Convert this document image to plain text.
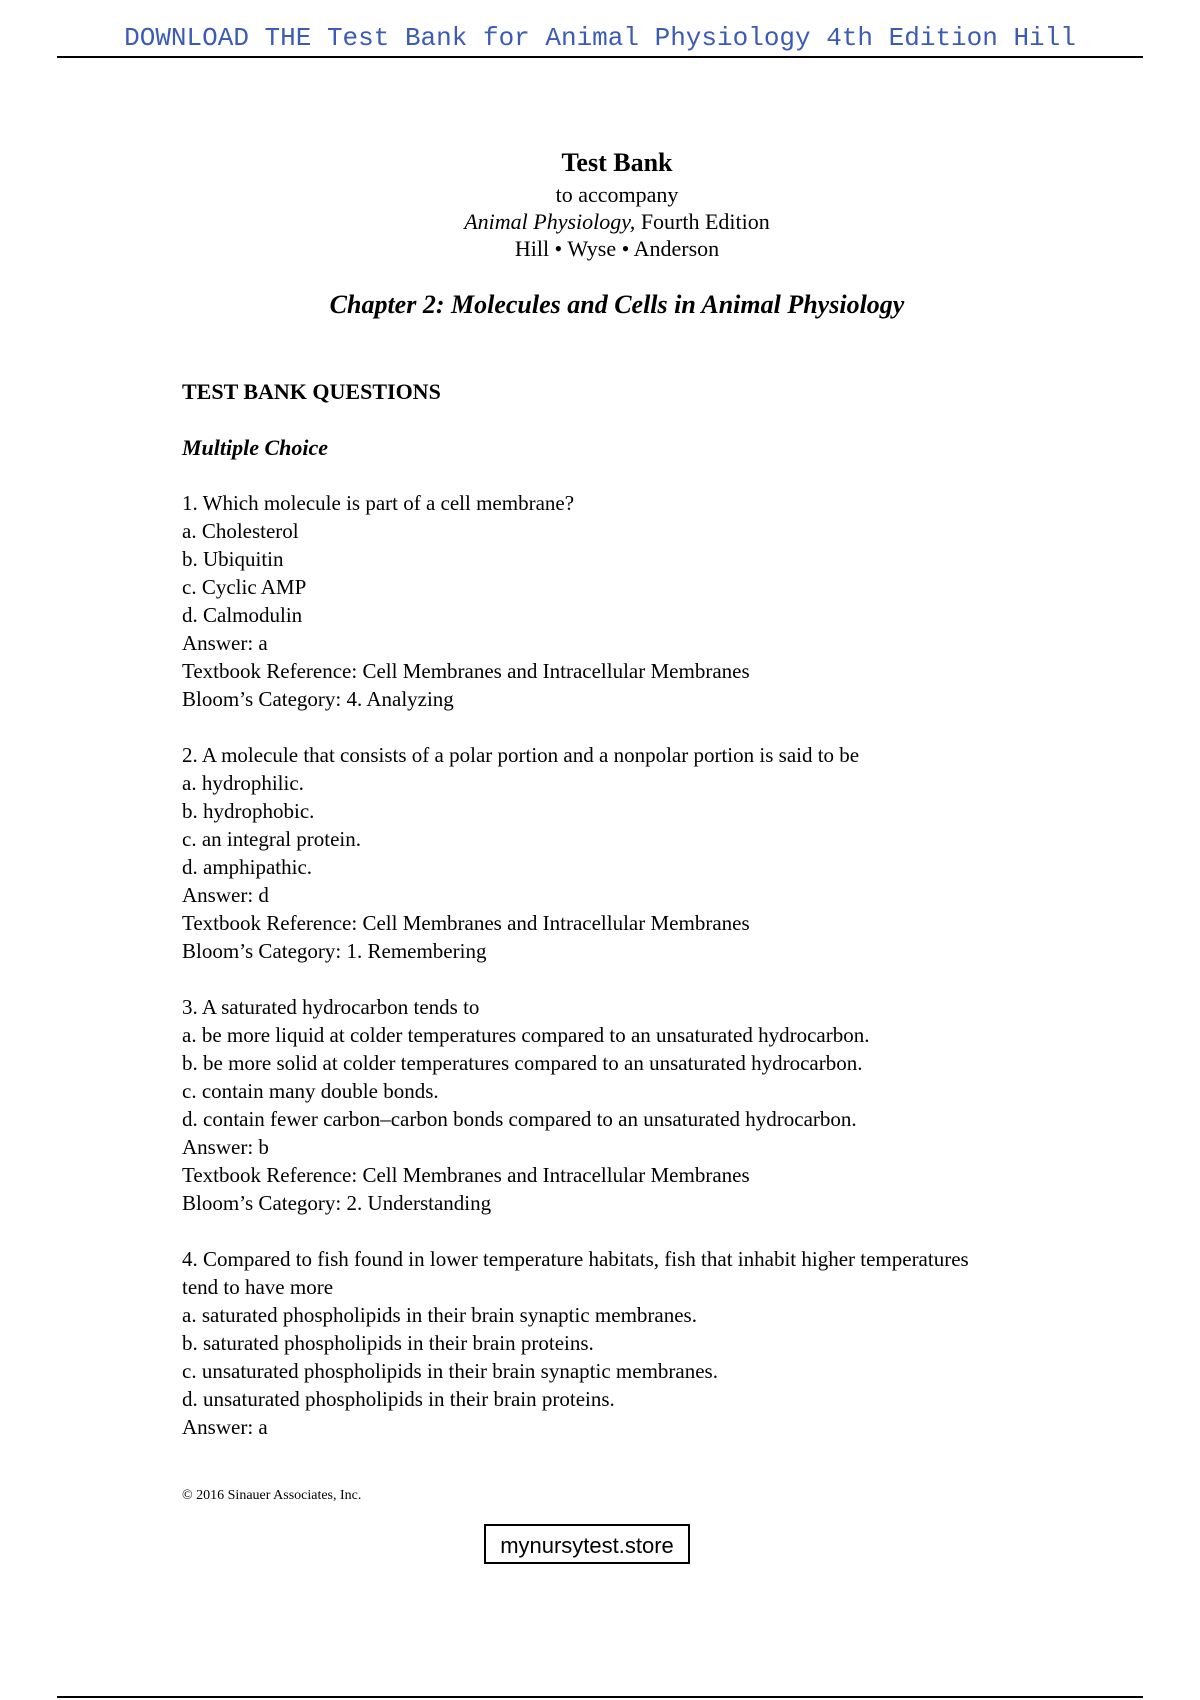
DOWNLOAD THE Test Bank for Animal Physiology 4th Edition Hill
Test Bank
to accompany
Animal Physiology, Fourth Edition
Hill • Wyse • Anderson
Chapter 2: Molecules and Cells in Animal Physiology
TEST BANK QUESTIONS
Multiple Choice
1. Which molecule is part of a cell membrane?
a. Cholesterol
b. Ubiquitin
c. Cyclic AMP
d. Calmodulin
Answer: a
Textbook Reference: Cell Membranes and Intracellular Membranes
Bloom’s Category: 4. Analyzing
2. A molecule that consists of a polar portion and a nonpolar portion is said to be
a. hydrophilic.
b. hydrophobic.
c. an integral protein.
d. amphipathic.
Answer: d
Textbook Reference: Cell Membranes and Intracellular Membranes
Bloom’s Category: 1. Remembering
3. A saturated hydrocarbon tends to
a. be more liquid at colder temperatures compared to an unsaturated hydrocarbon.
b. be more solid at colder temperatures compared to an unsaturated hydrocarbon.
c. contain many double bonds.
d. contain fewer carbon–carbon bonds compared to an unsaturated hydrocarbon.
Answer: b
Textbook Reference: Cell Membranes and Intracellular Membranes
Bloom’s Category: 2. Understanding
4. Compared to fish found in lower temperature habitats, fish that inhabit higher temperatures tend to have more
a. saturated phospholipids in their brain synaptic membranes.
b. saturated phospholipids in their brain proteins.
c. unsaturated phospholipids in their brain synaptic membranes.
d. unsaturated phospholipids in their brain proteins.
Answer: a
© 2016 Sinauer Associates, Inc.
mynursytest.store
